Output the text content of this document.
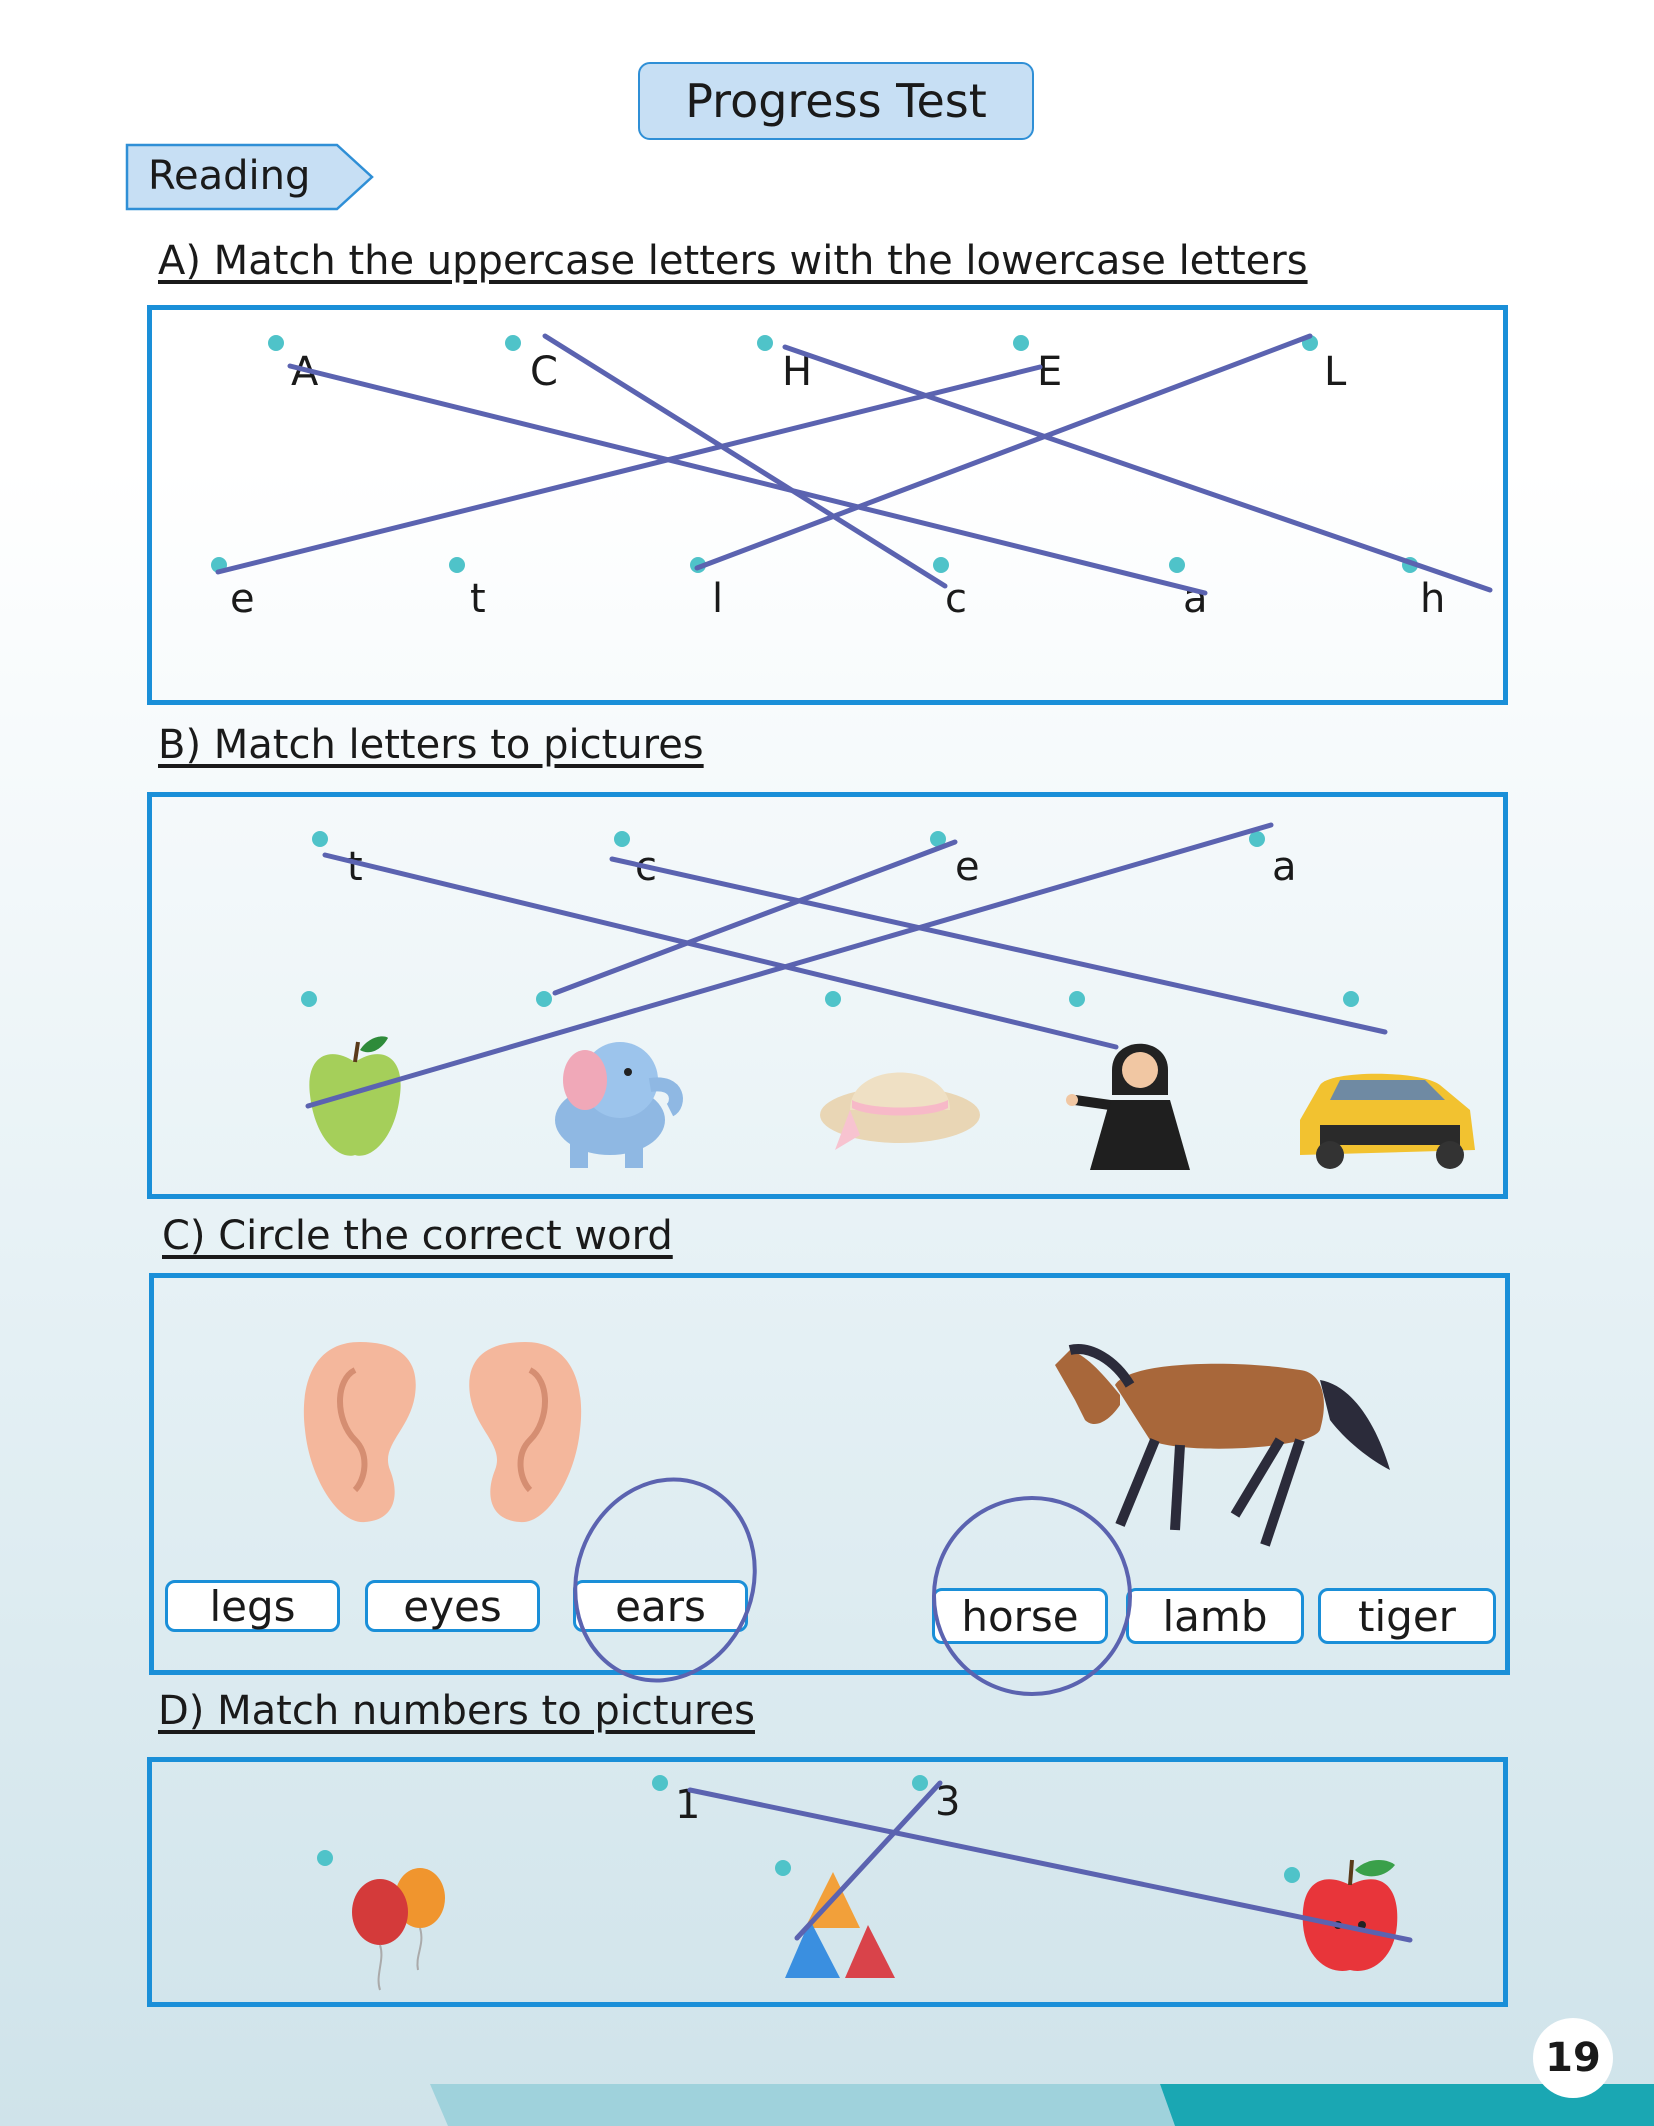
Progress Test
Reading
A) Match the uppercase letters with the lowercase letters
B) Match letters to pictures
C) Circle the correct word
D) Match numbers to pictures
legs	eyes	ears	horse	lamb	tiger
A	C	H	E	L
e	t	l	c	a	h
t	c	e	a
1	3
19
